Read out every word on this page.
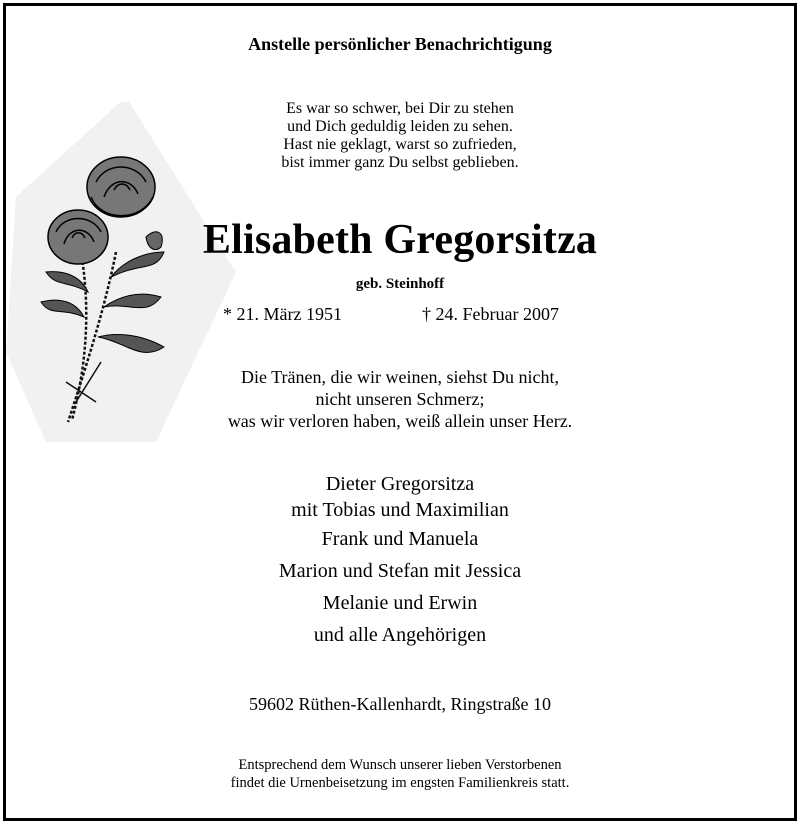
Anstelle persönlicher Benachrichtigung
Es war so schwer, bei Dir zu stehen
und Dich geduldig leiden zu sehen.
Hast nie geklagt, warst so zufrieden,
bist immer ganz Du selbst geblieben.
Elisabeth Gregorsitza
geb. Steinhoff
* 21. März 1951	† 24. Februar 2007
Die Tränen, die wir weinen, siehst Du nicht,
nicht unseren Schmerz;
was wir verloren haben, weiß allein unser Herz.
Dieter Gregorsitza
mit Tobias und Maximilian
Frank und Manuela
Marion und Stefan mit Jessica
Melanie und Erwin
und alle Angehörigen
59602 Rüthen-Kallenhardt, Ringstraße 10
Entsprechend dem Wunsch unserer lieben Verstorbenen
findet die Urnenbeisetzung im engsten Familienkreis statt.
